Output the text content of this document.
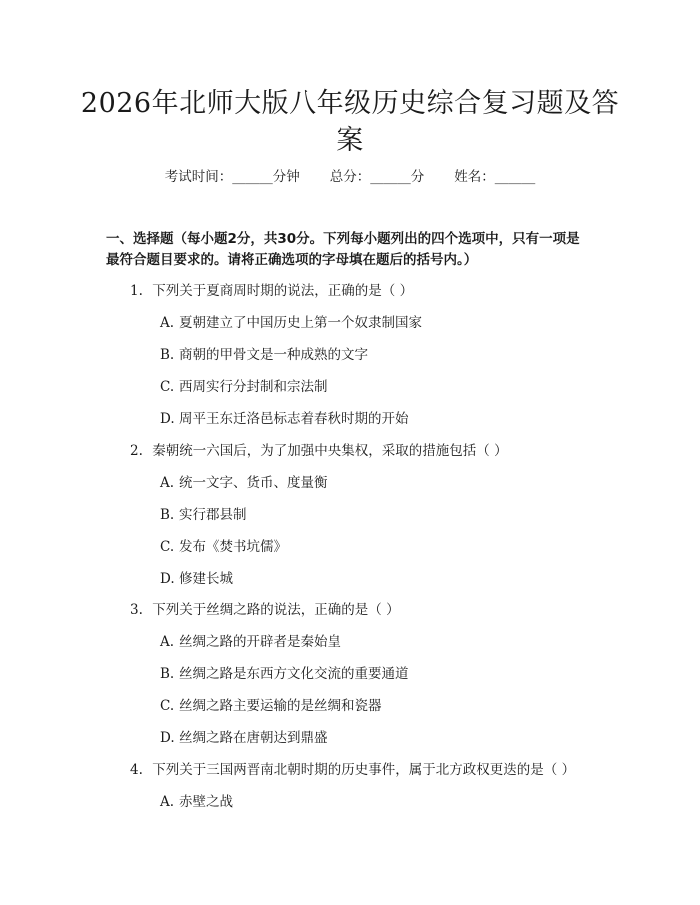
2026年北师大版八年级历史综合复习题及答
案
考试时间：______分钟 总分：______分 姓名：______
一、选择题（每小题2分，共30分。下列每小题列出的四个选项中，只有一项是
最符合题目要求的。请将正确选项的字母填在题后的括号内。）
1. 下列关于夏商周时期的说法，正确的是（ ）
A. 夏朝建立了中国历史上第一个奴隶制国家
B. 商朝的甲骨文是一种成熟的文字
C. 西周实行分封制和宗法制
D. 周平王东迁洛邑标志着春秋时期的开始
2. 秦朝统一六国后，为了加强中央集权，采取的措施包括（ ）
A. 统一文字、货币、度量衡
B. 实行郡县制
C. 发布《焚书坑儒》
D. 修建长城
3. 下列关于丝绸之路的说法，正确的是（ ）
A. 丝绸之路的开辟者是秦始皇
B. 丝绸之路是东西方文化交流的重要通道
C. 丝绸之路主要运输的是丝绸和瓷器
D. 丝绸之路在唐朝达到鼎盛
4. 下列关于三国两晋南北朝时期的历史事件，属于北方政权更迭的是（ ）
A. 赤壁之战
